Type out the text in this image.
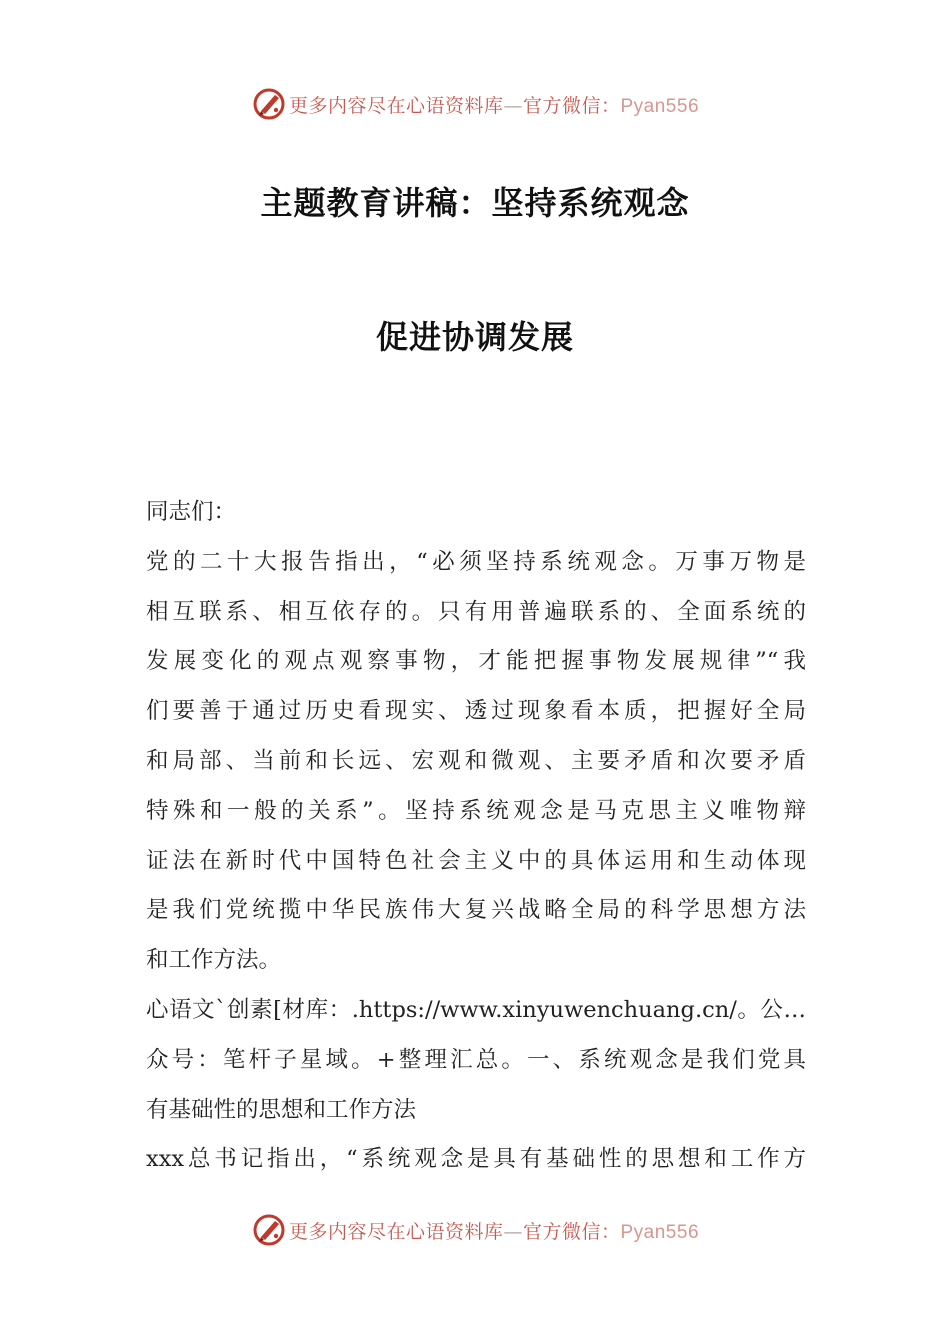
更多内容尽在心语资料库—官方微信：Pyan556
主题教育讲稿：坚持系统观念
促进协调发展
同志们：
党的二十大报告指出，“必须坚持系统观念。万事万物是
相互联系、相互依存的。只有用普遍联系的、全面系统的
发展变化的观点观察事物，才能把握事物发展规律”“我
们要善于通过历史看现实、透过现象看本质，把握好全局
和局部、当前和长远、宏观和微观、主要矛盾和次要矛盾
特殊和一般的关系”。坚持系统观念是马克思主义唯物辩
证法在新时代中国特色社会主义中的具体运用和生动体现
是我们党统揽中华民族伟大复兴战略全局的科学思想方法
和工作方法。
心语文`创素[材库：.https://www.xinyuwenchuang.cn/。公…
众号：笔杆子星域。+整理汇总。一、系统观念是我们党具
有基础性的思想和工作方法
xxx总书记指出，“系统观念是具有基础性的思想和工作方
更多内容尽在心语资料库—官方微信：Pyan556
